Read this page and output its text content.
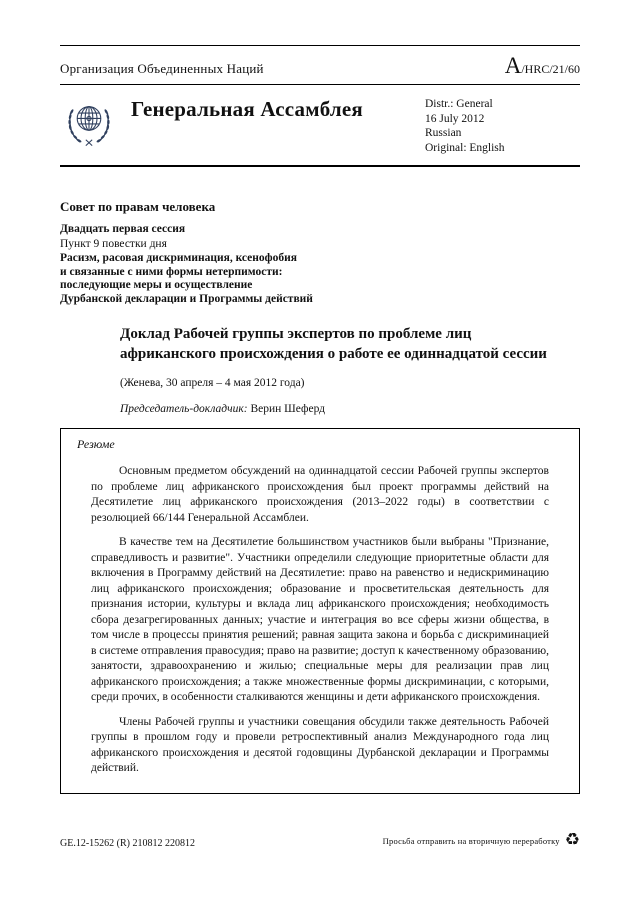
Организация Объединенных Наций	A/HRC/21/60
Генеральная Ассамблея	Distr.: General
16 July 2012
Russian
Original: English
Совет по правам человека
Двадцать первая сессия
Пункт 9 повестки дня
Расизм, расовая дискриминация, ксенофобия
и связанные с ними формы нетерпимости:
последующие меры и осуществление
Дурбанской декларации и Программы действий
Доклад Рабочей группы экспертов по проблеме лиц африканского происхождения о работе ее одиннадцатой сессии
(Женева, 30 апреля – 4 мая 2012 года)
Председатель-докладчик: Верин Шеферд
Резюме

Основным предметом обсуждений на одиннадцатой сессии Рабочей группы экспертов по проблеме лиц африканского происхождения был проект программы действий на Десятилетие лиц африканского происхождения (2013–2022 годы) в соответствии с резолюцией 66/144 Генеральной Ассамблеи.

В качестве тем на Десятилетие большинством участников были выбраны "Признание, справедливость и развитие". Участники определили следующие приоритетные области для включения в Программу действий на Десятилетие: право на равенство и недискриминацию лиц африканского происхождения; образование и просветительская деятельность для признания истории, культуры и вклада лиц африканского происхождения; необходимость сбора дезагрегированных данных; участие и интеграция во все сферы жизни общества, в том числе в процессы принятия решений; равная защита закона и борьба с дискриминацией в системе отправления правосудия; право на развитие; доступ к качественному образованию, занятости, здравоохранению и жилью; специальные меры для реализации прав лиц африканского происхождения; а также множественные формы дискриминации, с которыми, среди прочих, в особенности сталкиваются женщины и дети африканского происхождения.

Члены Рабочей группы и участники совещания обсудили также деятельность Рабочей группы в прошлом году и провели ретроспективный анализ Международного года лиц африканского происхождения и десятой годовщины Дурбанской декларации и Программы действий.

GE.12-15262 (R) 210812 220812	Просьба отправить на вторичную переработку ♻
